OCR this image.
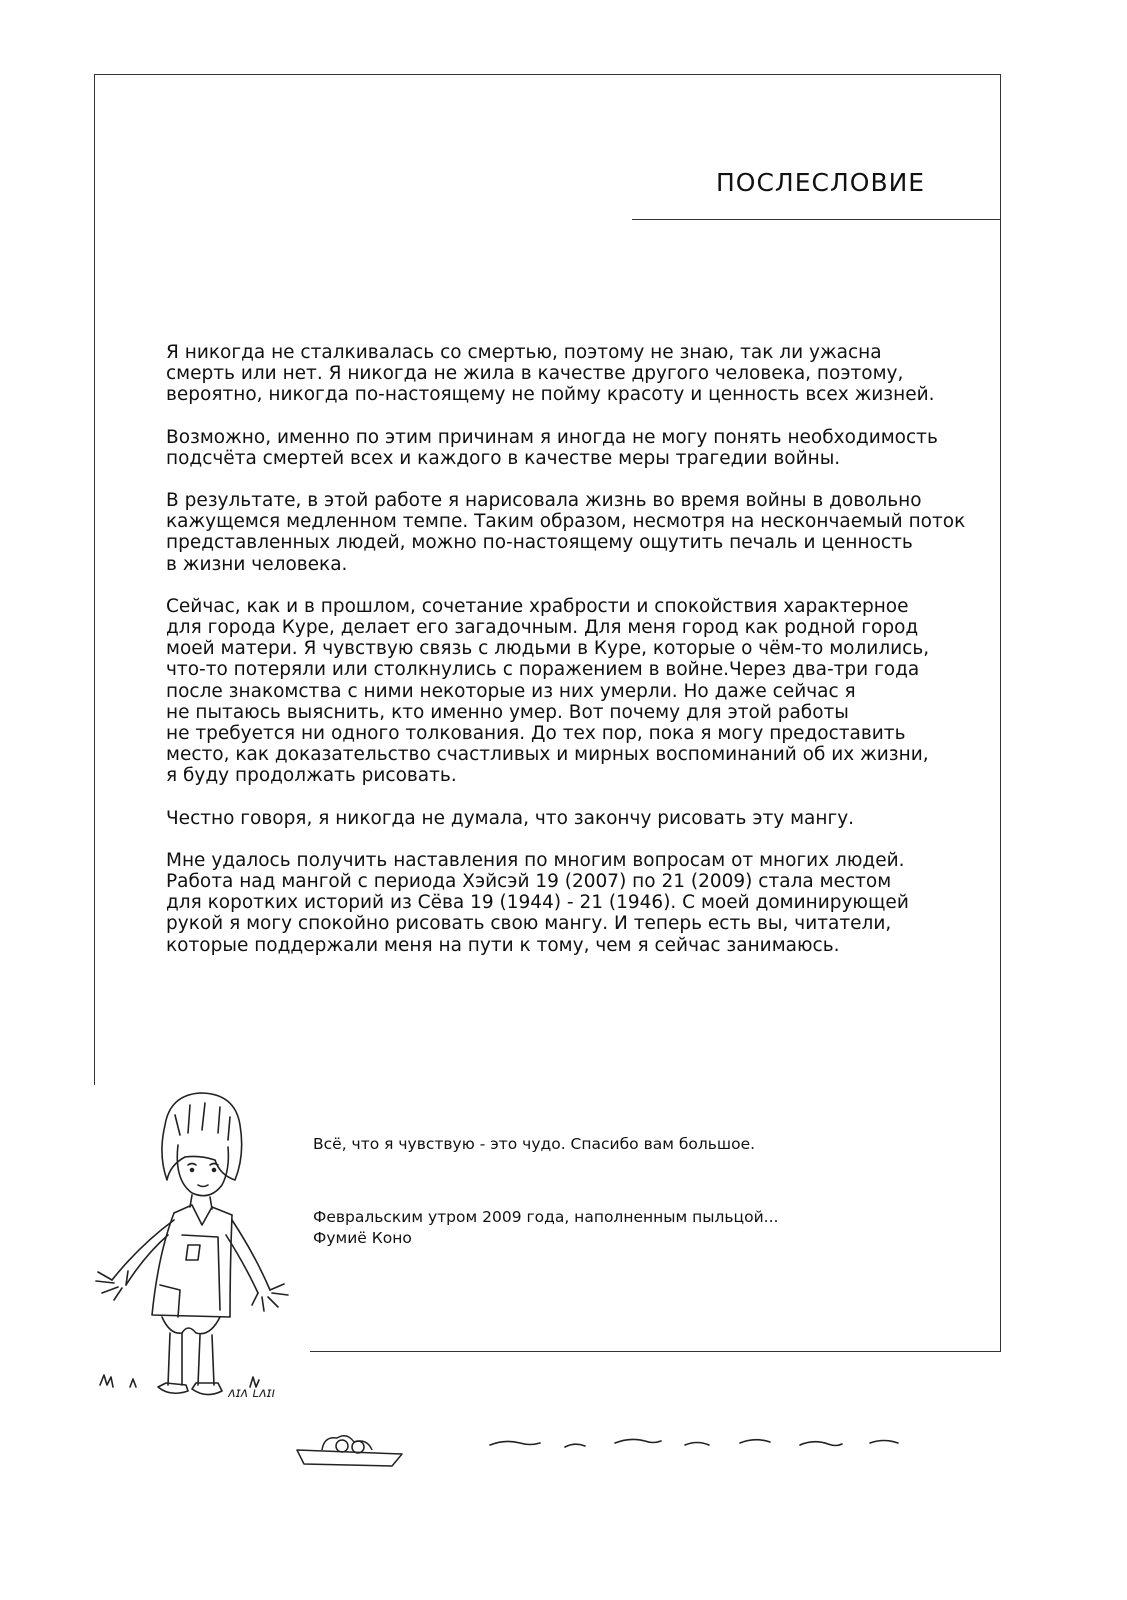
ПОСЛЕСЛОВИЕ

Я никогда не сталкивалась со смертью, поэтому не знаю, так ли ужасна
смерть или нет. Я никогда не жила в качестве другого человека, поэтому,
вероятно, никогда по-настоящему не пойму красоту и ценность всех жизней.

Возможно, именно по этим причинам я иногда не могу понять необходимость
подсчёта смертей всех и каждого в качестве меры трагедии войны.

В результате, в этой работе я нарисовала жизнь во время войны в довольно
кажущемся медленном темпе. Таким образом, несмотря на нескончаемый поток
представленных людей, можно по-настоящему ощутить печаль и ценность
в жизни человека.

Сейчас, как и в прошлом, сочетание храбрости и спокойствия характерное
для города Куре, делает его загадочным. Для меня город как родной город
моей матери. Я чувствую связь с людьми в Куре, которые о чём-то молились,
что-то потеряли или столкнулись с поражением в войне.Через два-три года
после знакомства с ними некоторые из них умерли. Но даже сейчас я
не пытаюсь выяснить, кто именно умер. Вот почему для этой работы
не требуется ни одного толкования. До тех пор, пока я могу предоставить
место, как доказательство счастливых и мирных воспоминаний об их жизни,
я буду продолжать рисовать.

Честно говоря, я никогда не думала, что закончу рисовать эту мангу.

Мне удалось получить наставления по многим вопросам от многих людей.
Работа над мангой с периода Хэйсэй 19 (2007) по 21 (2009) стала местом
для коротких историй из Сёва 19 (1944) - 21 (1946). С моей доминирующей
рукой я могу спокойно рисовать свою мангу. И теперь есть вы, читатели,
которые поддержали меня на пути к тому, чем я сейчас занимаюсь.

Всё, что я чувствую - это чудо. Спасибо вам большое.
Февральским утром 2009 года, наполненным пыльцой...
Фумиё Коно
ʌɪʌ ʟʌɪı
